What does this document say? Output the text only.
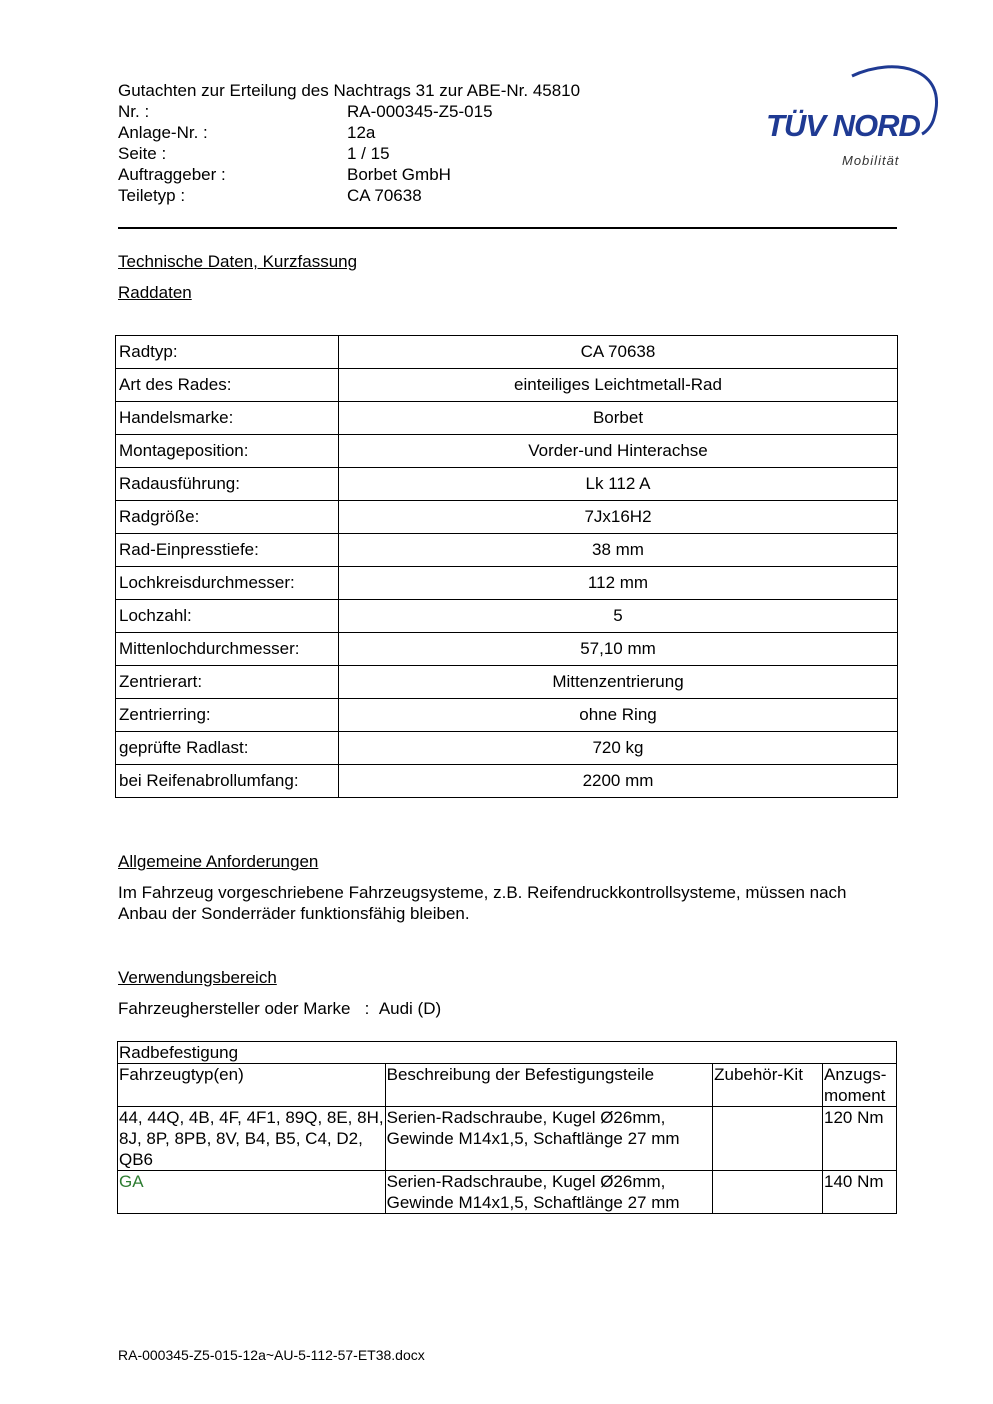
Gutachten zur Erteilung des Nachtrags 31 zur ABE-Nr. 45810
Nr. :	RA-000345-Z5-015
Anlage-Nr. :	12a
Seite :	1 / 15
Auftraggeber :	Borbet GmbH
Teiletyp :	CA 70638
TÜV NORD
Mobilität
Technische Daten, Kurzfassung
Raddaten
Radtyp:	CA 70638
Art des Rades:	einteiliges Leichtmetall-Rad
Handelsmarke:	Borbet
Montageposition:	Vorder-und Hinterachse
Radausführung:	Lk 112 A
Radgröße:	7Jx16H2
Rad-Einpresstiefe:	38 mm
Lochkreisdurchmesser:	112 mm
Lochzahl:	5
Mittenlochdurchmesser:	57,10 mm
Zentrierart:	Mittenzentrierung
Zentrierring:	ohne Ring
geprüfte Radlast:	720 kg
bei Reifenabrollumfang:	2200 mm
Allgemeine Anforderungen
Im Fahrzeug vorgeschriebene Fahrzeugsysteme, z.B. Reifendruckkontrollsysteme, müssen nach Anbau der Sonderräder funktionsfähig bleiben.
Verwendungsbereich
Fahrzeughersteller oder Marke : Audi (D)
Radbefestigung			
Fahrzeugtyp(en)	Beschreibung der Befestigungsteile	Zubehör-Kit	Anzugs-
moment
44, 44Q, 4B, 4F, 4F1, 89Q, 8E, 8H, 8J, 8P, 8PB, 8V, B4, B5, C4, D2, QB6	Serien-Radschraube, Kugel Ø26mm, Gewinde M14x1,5, Schaftlänge 27 mm		120 Nm
GA	Serien-Radschraube, Kugel Ø26mm, Gewinde M14x1,5, Schaftlänge 27 mm		140 Nm
RA-000345-Z5-015-12a~AU-5-112-57-ET38.docx
